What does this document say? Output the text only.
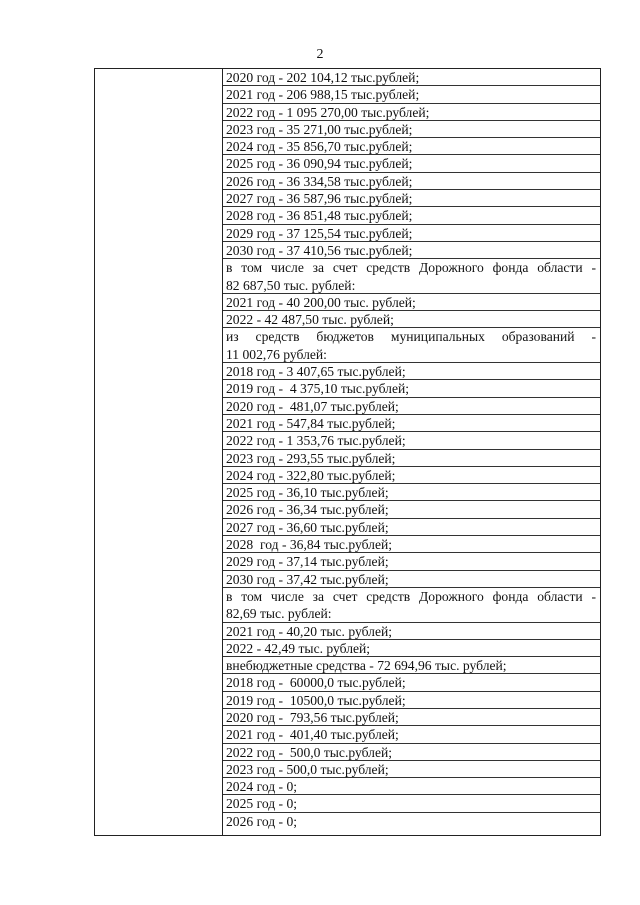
2
2020 год - 202 104,12 тыс.рублей;
2021 год - 206 988,15 тыс.рублей;
2022 год - 1 095 270,00 тыс.рублей;
2023 год - 35 271,00 тыс.рублей;
2024 год - 35 856,70 тыс.рублей;
2025 год - 36 090,94 тыс.рублей;
2026 год - 36 334,58 тыс.рублей;
2027 год - 36 587,96 тыс.рублей;
2028 год - 36 851,48 тыс.рублей;
2029 год - 37 125,54 тыс.рублей;
2030 год - 37 410,56 тыс.рублей;
в том числе за счет средств Дорожного фонда области -
82 687,50 тыс. рублей:
2021 год - 40 200,00 тыс. рублей;
2022 - 42 487,50 тыс. рублей;
из  средств  бюджетов  муниципальных  образований  -
11 002,76 рублей:
2018 год - 3 407,65 тыс.рублей;
2019 год -  4 375,10 тыс.рублей;
2020 год -  481,07 тыс.рублей;
2021 год - 547,84 тыс.рублей;
2022 год - 1 353,76 тыс.рублей;
2023 год - 293,55 тыс.рублей;
2024 год - 322,80 тыс.рублей;
2025 год - 36,10 тыс.рублей;
2026 год - 36,34 тыс.рублей;
2027 год - 36,60 тыс.рублей;
2028  год - 36,84 тыс.рублей;
2029 год - 37,14 тыс.рублей;
2030 год - 37,42 тыс.рублей;
в том числе за счет средств Дорожного фонда области -
82,69 тыс. рублей:
2021 год - 40,20 тыс. рублей;
2022 - 42,49 тыс. рублей;
внебюджетные средства - 72 694,96 тыс. рублей;
2018 год -  60000,0 тыс.рублей;
2019 год -  10500,0 тыс.рублей;
2020 год -  793,56 тыс.рублей;
2021 год -  401,40 тыс.рублей;
2022 год -  500,0 тыс.рублей;
2023 год - 500,0 тыс.рублей;
2024 год - 0;
2025 год - 0;
2026 год - 0;
